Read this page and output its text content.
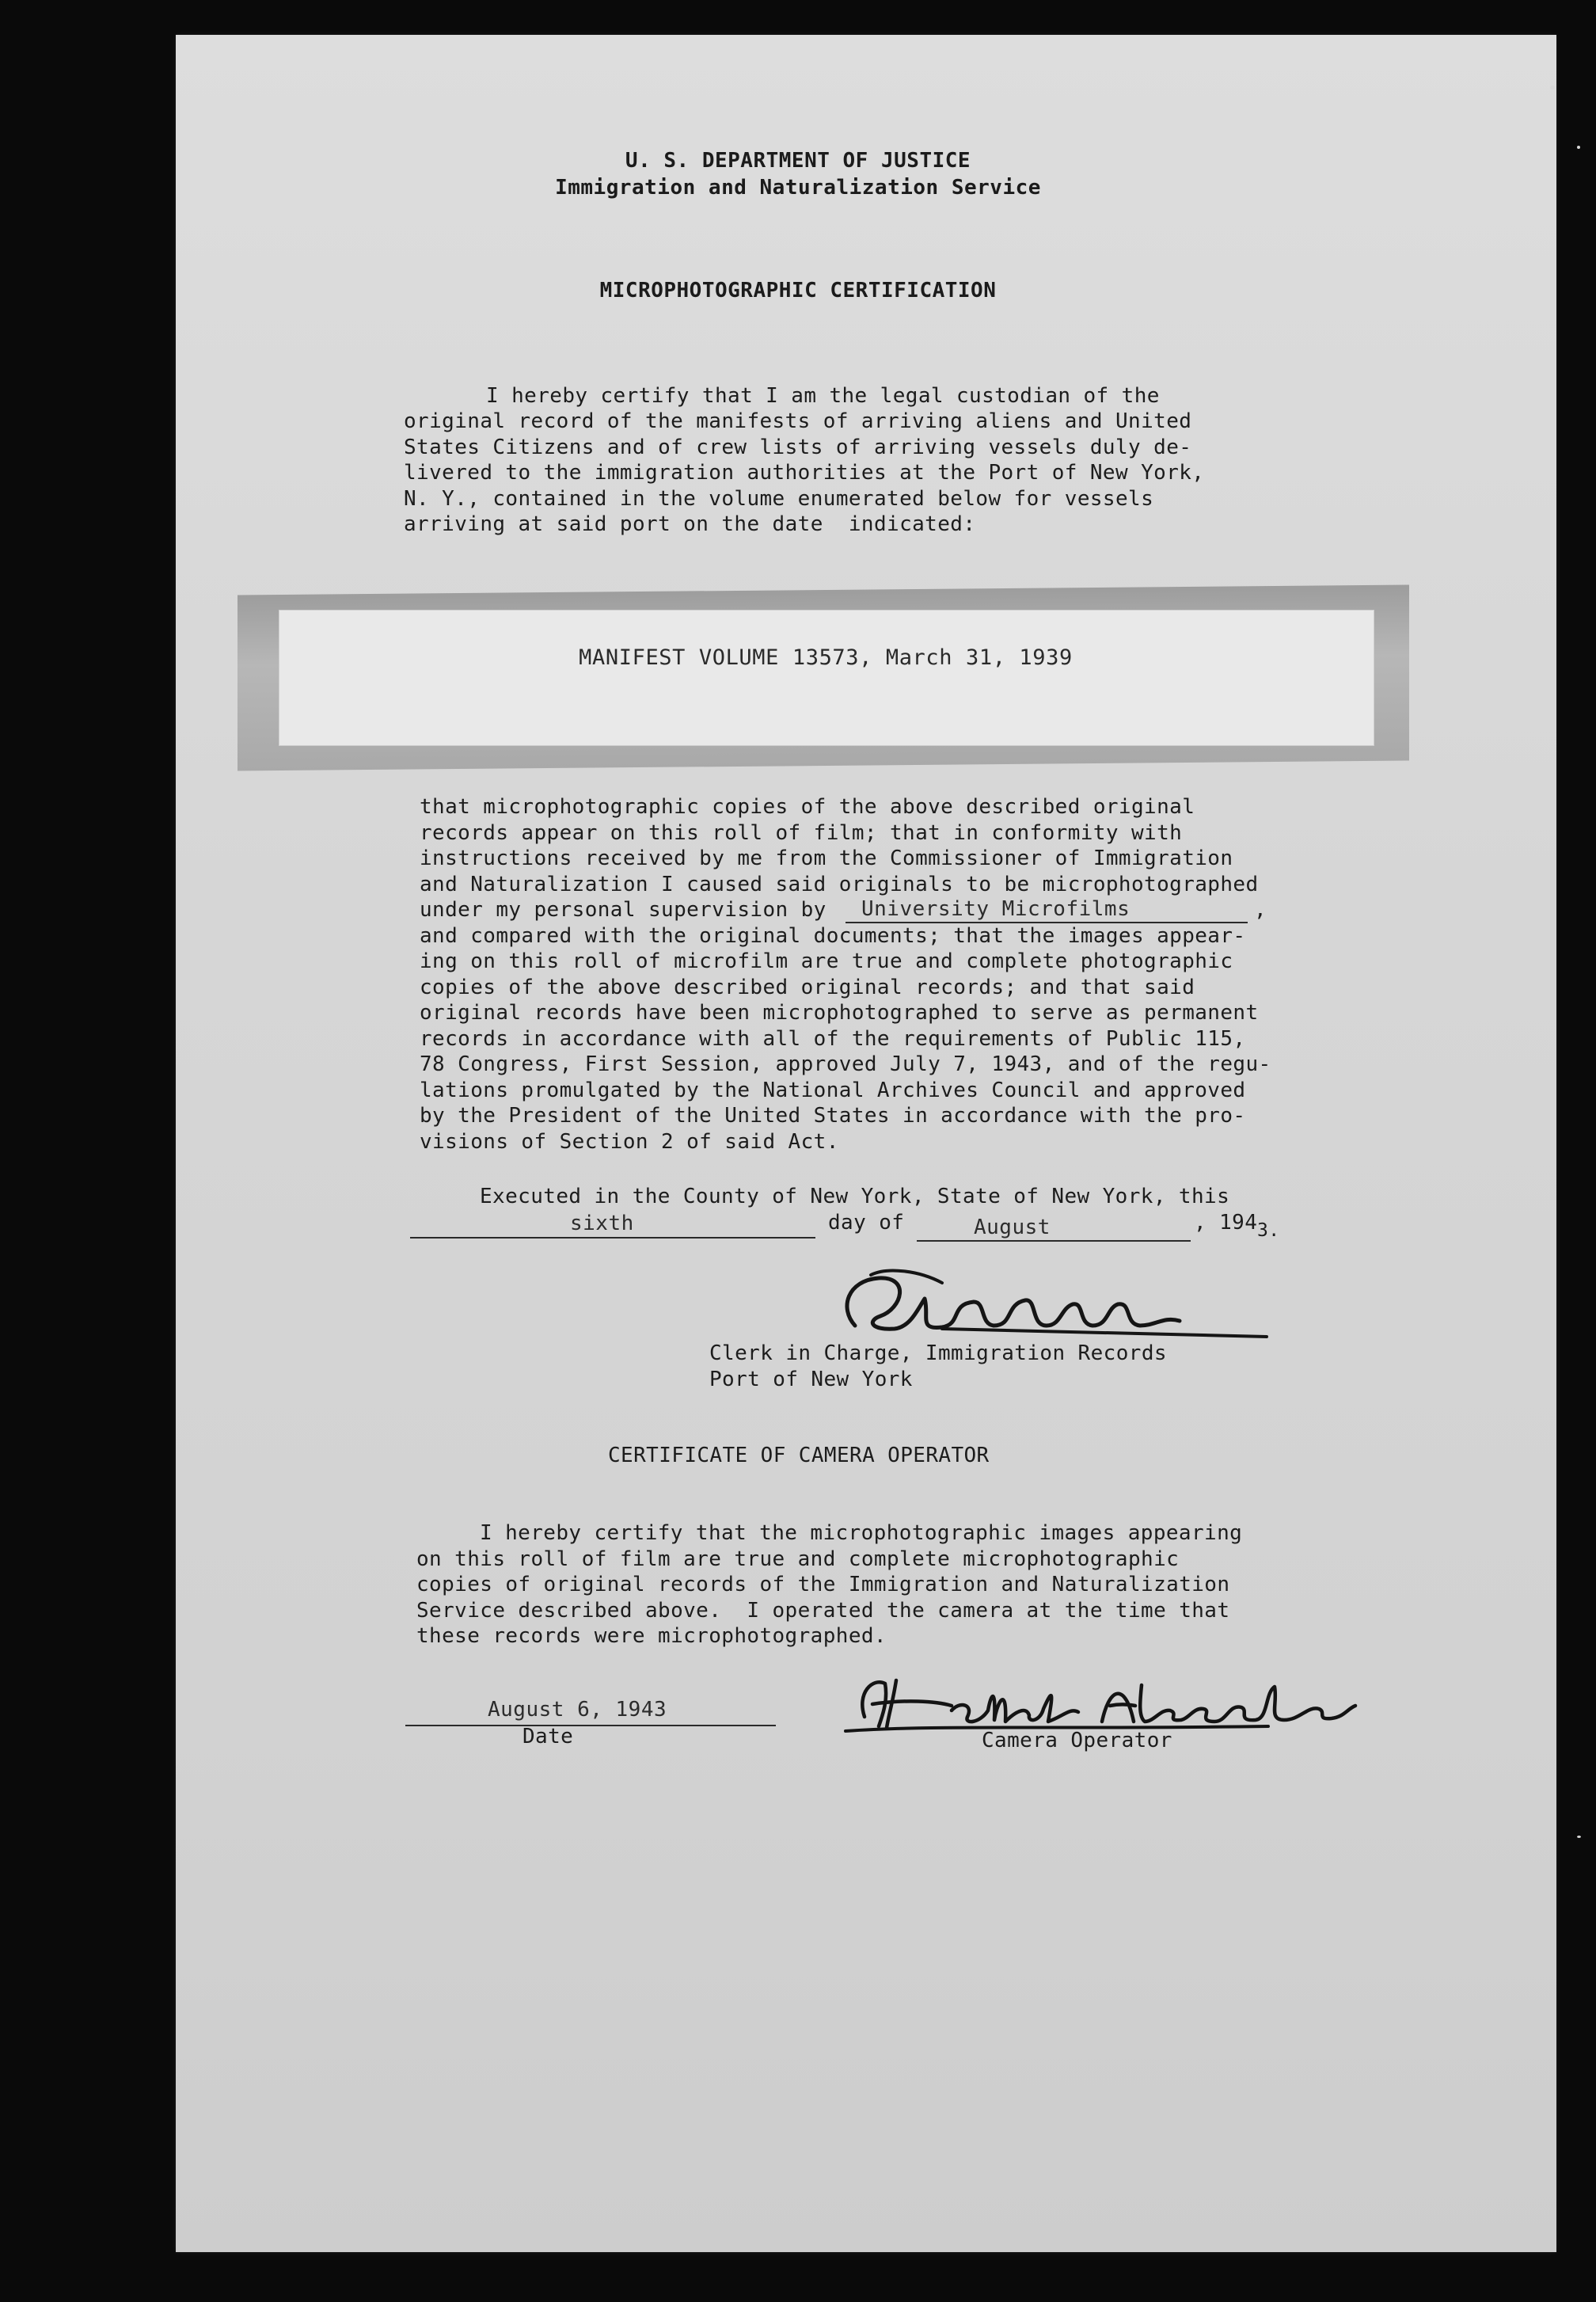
U. S. DEPARTMENT OF JUSTICE
Immigration and Naturalization Service
MICROPHOTOGRAPHIC CERTIFICATION
I hereby certify that I am the legal custodian of the
original record of the manifests of arriving aliens and United
States Citizens and of crew lists of arriving vessels duly de-
livered to the immigration authorities at the Port of New York,
N. Y., contained in the volume enumerated below for vessels
arriving at said port on the date  indicated:
MANIFEST VOLUME 13573, March 31, 1939
that microphotographic copies of the above described original
records appear on this roll of film; that in conformity with
instructions received by me from the Commissioner of Immigration
and Naturalization I caused said originals to be microphotographed
under my personal supervision by University Microfilms	,
and compared with the original documents; that the images appear-
ing on this roll of microfilm are true and complete photographic
copies of the above described original records; and that said
original records have been microphotographed to serve as permanent
records in accordance with all of the requirements of Public 115,
78 Congress, First Session, approved July 7, 1943, and of the regu-
lations promulgated by the National Archives Council and approved
by the President of the United States in accordance with the pro-
visions of Section 2 of said Act.
Executed in the County of New York, State of New York, this
sixth	day of	August	, 194 3.
Clerk in Charge, Immigration Records
Port of New York
CERTIFICATE OF CAMERA OPERATOR
I hereby certify that the microphotographic images appearing
on this roll of film are true and complete microphotographic
copies of original records of the Immigration and Naturalization
Service described above.  I operated the camera at the time that
these records were microphotographed.
August 6, 1943
Date	Camera Operator
